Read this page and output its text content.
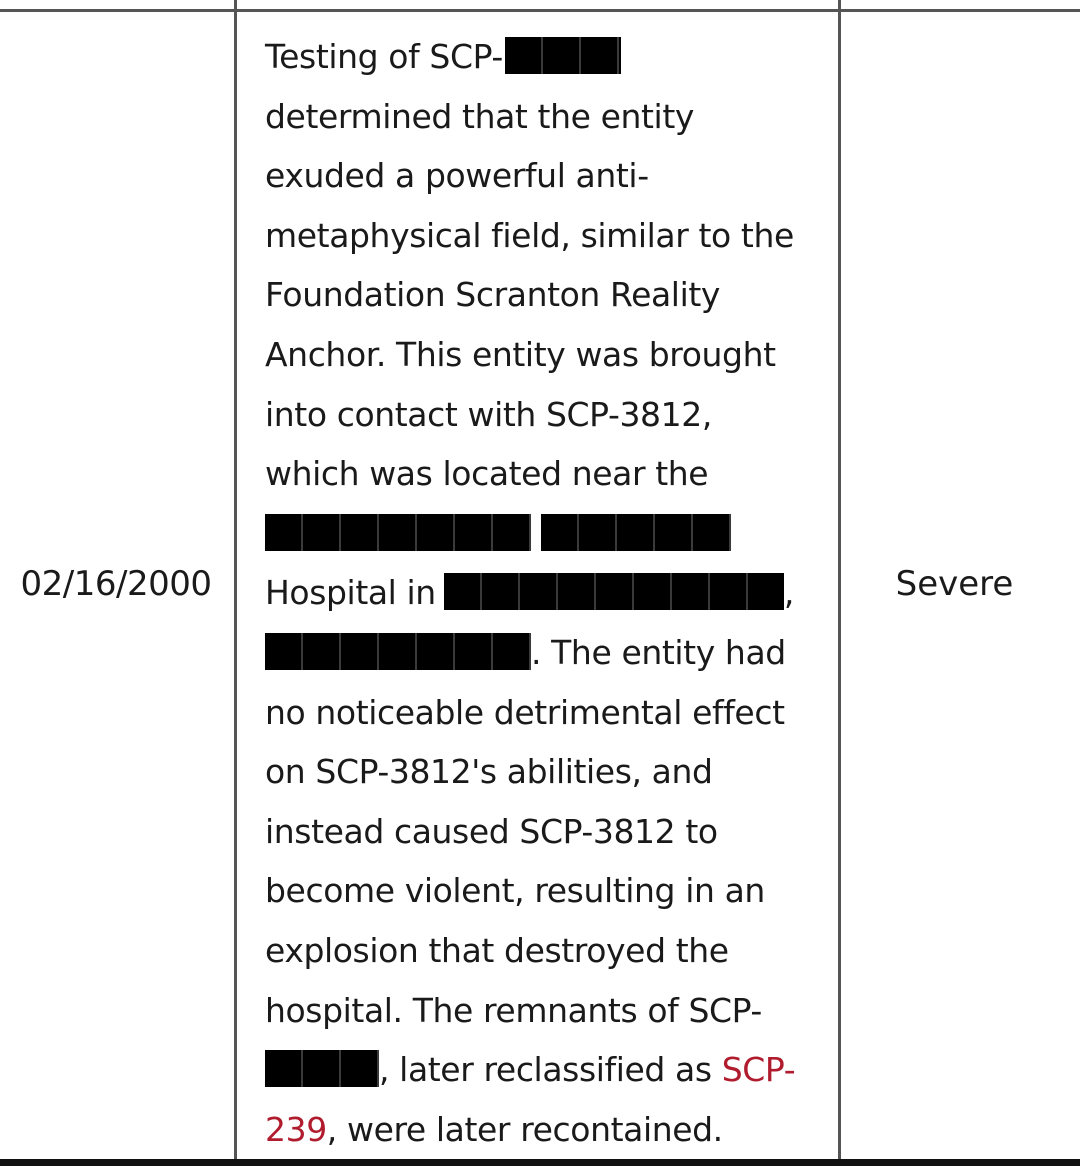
02/16/2000
Testing of SCP-
determined that the entity
exuded a powerful anti-
metaphysical field, similar to the
Foundation Scranton Reality
Anchor. This entity was brought
into contact with SCP-3812,
which was located near the
Hospital in	,
. The entity had
no noticeable detrimental effect
on SCP-3812's abilities, and
instead caused SCP-3812 to
become violent, resulting in an
explosion that destroyed the
hospital. The remnants of SCP-
, later reclassified as SCP-
239, were later recontained.
Severe
